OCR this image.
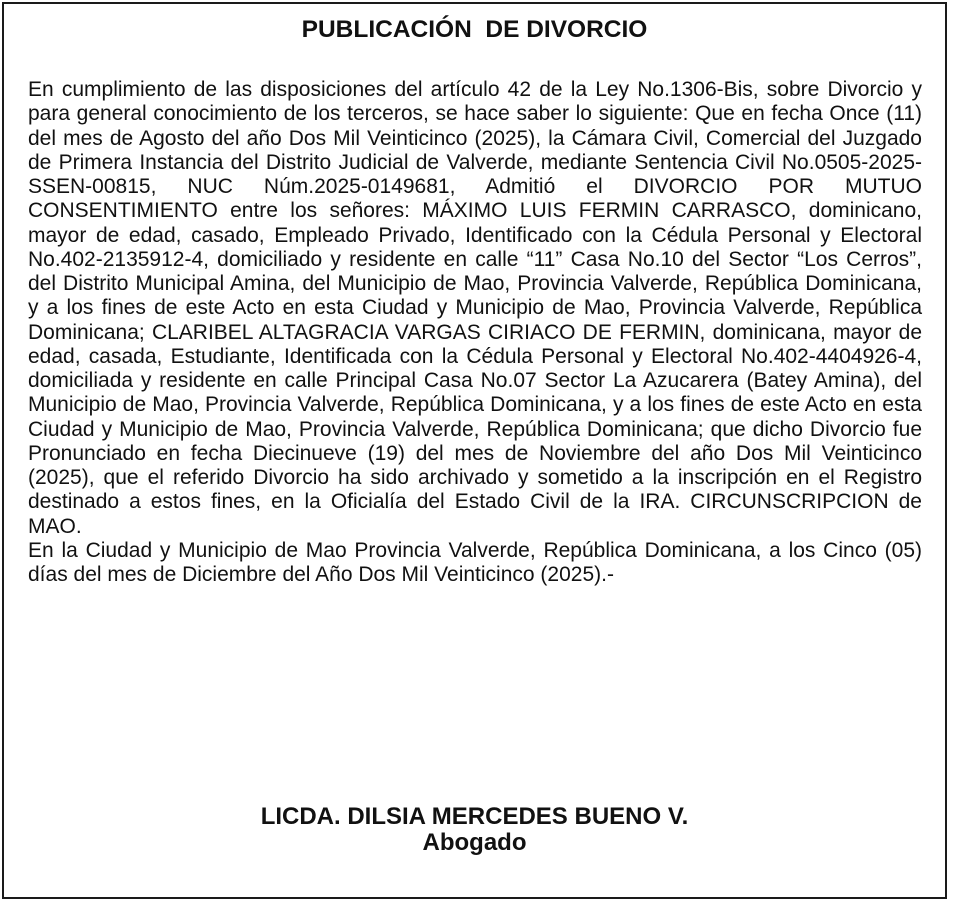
PUBLICACIÓN  DE DIVORCIO

En cumplimiento de las disposiciones del artículo 42 de la Ley No.1306-Bis, sobre Divorcio y para general conocimiento de los terceros, se hace saber lo siguiente: Que en fecha Once (11) del mes de Agosto del año Dos Mil Veinticinco (2025), la Cámara Civil, Comercial del Juzgado de Primera Instancia del Distrito Judicial de Valverde, mediante Sentencia Civil No.0505-2025-SSEN-00815, NUC Núm.2025-0149681, Admitió el DIVORCIO POR MUTUO CONSENTIMIENTO entre los señores: MÁXIMO LUIS FERMIN CARRASCO, dominicano, mayor de edad, casado, Empleado Privado, Identificado con la Cédula Personal y Electoral No.402-2135912-4, domiciliado y residente en calle “11” Casa No.10 del Sector “Los Cerros”, del Distrito Municipal Amina, del Municipio de Mao, Provincia Valverde, República Dominicana, y a los fines de este Acto en esta Ciudad y Municipio de Mao, Provincia Valverde, República Dominicana; CLARIBEL ALTAGRACIA VARGAS CIRIACO DE FERMIN, dominicana, mayor de edad, casada, Estudiante, Identificada con la Cédula Personal y Electoral No.402-4404926-4, domiciliada y residente en calle Principal Casa No.07 Sector La Azucarera (Batey Amina), del Municipio de Mao, Provincia Valverde, República Dominicana, y a los fines de este Acto en esta Ciudad y Municipio de Mao, Provincia Valverde, República Dominicana; que dicho Divorcio fue Pronunciado en fecha Diecinueve (19) del mes de Noviembre del año Dos Mil Veinticinco (2025), que el referido Divorcio ha sido archivado y sometido a la inscripción en el Registro destinado a estos fines, en la Oficialía del Estado Civil de la IRA. CIRCUNSCRIPCION de MAO.

En la Ciudad y Municipio de Mao Provincia Valverde, República Dominicana, a los Cinco (05) días del mes de Diciembre del Año Dos Mil Veinticinco (2025).-

LICDA. DILSIA MERCEDES BUENO V.
Abogado
